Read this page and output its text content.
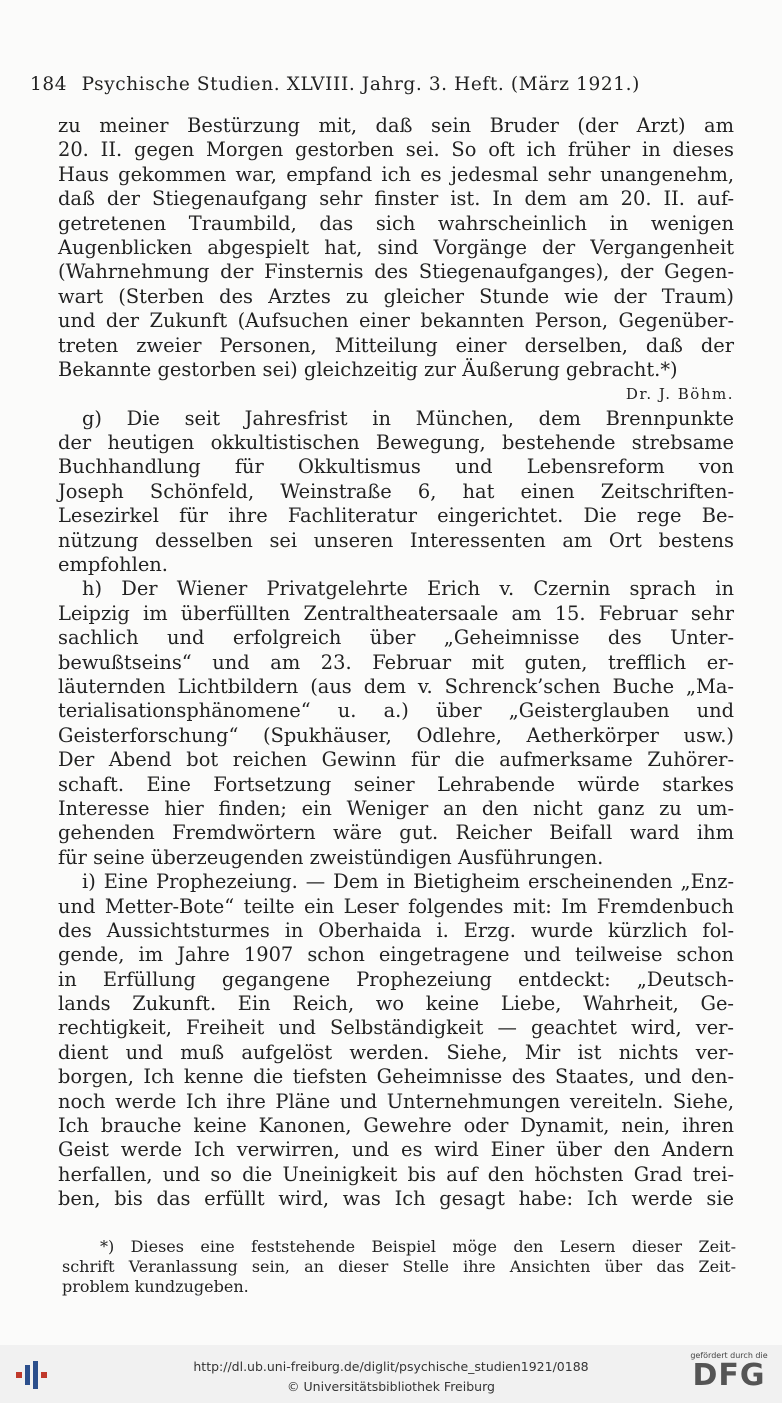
184 Psychische Studien. XLVIII. Jahrg. 3. Heft. (März 1921.)
zu meiner Bestürzung mit, daß sein Bruder (der Arzt) am
20. II. gegen Morgen gestorben sei. So oft ich früher in dieses
Haus gekommen war, empfand ich es jedesmal sehr unangenehm,
daß der Stiegenaufgang sehr finster ist. In dem am 20. II. auf-
getretenen Traumbild, das sich wahrscheinlich in wenigen
Augenblicken abgespielt hat, sind Vorgänge der Vergangenheit
(Wahrnehmung der Finsternis des Stiegenaufganges), der Gegen-
wart (Sterben des Arztes zu gleicher Stunde wie der Traum)
und der Zukunft (Aufsuchen einer bekannten Person, Gegenüber-
treten zweier Personen, Mitteilung einer derselben, daß der
Bekannte gestorben sei) gleichzeitig zur Äußerung gebracht.*)
Dr. J. Böhm.
g) Die seit Jahresfrist in München, dem Brennpunkte
der heutigen okkultistischen Bewegung, bestehende strebsame
Buchhandlung für Okkultismus und Lebensreform von
Joseph Schönfeld, Weinstraße 6, hat einen Zeitschriften-
Lesezirkel für ihre Fachliteratur eingerichtet. Die rege Be-
nützung desselben sei unseren Interessenten am Ort bestens
empfohlen.
h) Der Wiener Privatgelehrte Erich v. Czernin sprach in
Leipzig im überfüllten Zentraltheatersaale am 15. Februar sehr
sachlich und erfolgreich über „Geheimnisse des Unter-
bewußtseins“ und am 23. Februar mit guten, trefflich er-
läuternden Lichtbildern (aus dem v. Schrenck’schen Buche „Ma-
terialisationsphänomene“ u. a.) über „Geisterglauben und
Geisterforschung“ (Spukhäuser, Odlehre, Aetherkörper usw.)
Der Abend bot reichen Gewinn für die aufmerksame Zuhörer-
schaft. Eine Fortsetzung seiner Lehrabende würde starkes
Interesse hier finden; ein Weniger an den nicht ganz zu um-
gehenden Fremdwörtern wäre gut. Reicher Beifall ward ihm
für seine überzeugenden zweistündigen Ausführungen.
i) Eine Prophezeiung. — Dem in Bietigheim erscheinenden „Enz-
und Metter-Bote“ teilte ein Leser folgendes mit: Im Fremdenbuch
des Aussichtsturmes in Oberhaida i. Erzg. wurde kürzlich fol-
gende, im Jahre 1907 schon eingetragene und teilweise schon
in Erfüllung gegangene Prophezeiung entdeckt: „Deutsch-
lands Zukunft. Ein Reich, wo keine Liebe, Wahrheit, Ge-
rechtigkeit, Freiheit und Selbständigkeit — geachtet wird, ver-
dient und muß aufgelöst werden. Siehe, Mir ist nichts ver-
borgen, Ich kenne die tiefsten Geheimnisse des Staates, und den-
noch werde Ich ihre Pläne und Unternehmungen vereiteln. Siehe,
Ich brauche keine Kanonen, Gewehre oder Dynamit, nein, ihren
Geist werde Ich verwirren, und es wird Einer über den Andern
herfallen, und so die Uneinigkeit bis auf den höchsten Grad trei-
ben, bis das erfüllt wird, was Ich gesagt habe: Ich werde sie
*) Dieses eine feststehende Beispiel möge den Lesern dieser Zeit-
schrift Veranlassung sein, an dieser Stelle ihre Ansichten über das Zeit-
problem kundzugeben.
http://dl.ub.uni-freiburg.de/diglit/psychische_studien1921/0188
© Universitätsbibliothek Freiburg
gefördert durch die
DFG
